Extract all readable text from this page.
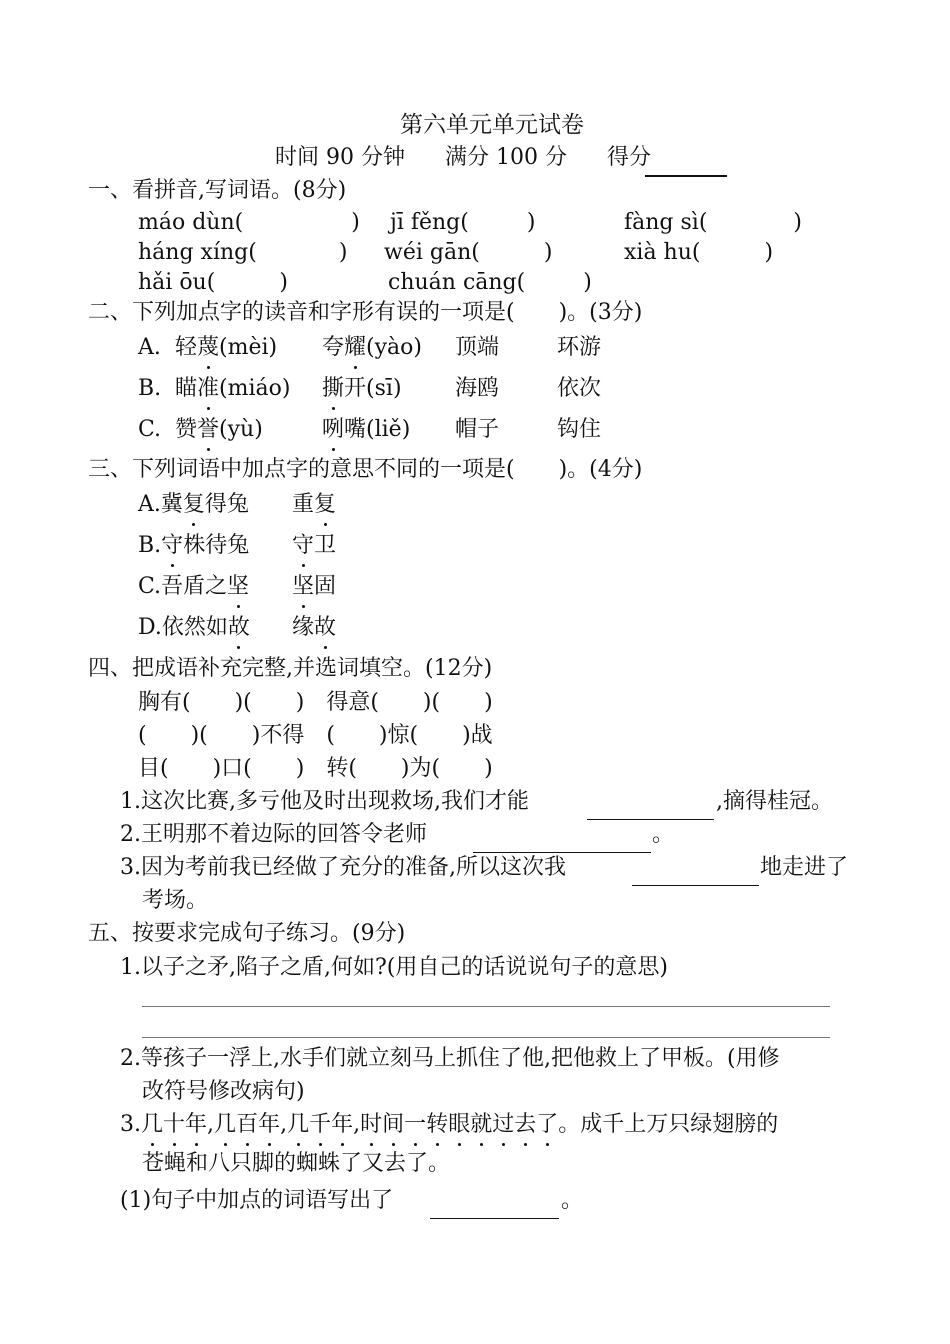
第六单元单元试卷
时间 90 分钟 满分 100 分 得分
一、看拼音,写词语。(8分)
máo dùn(	) jī fěng(	)	fàng sì(	)
háng xíng(	) wéi gān(	)	xià hu(	)
hǎi ōu(	)	chuán cāng(	)
二、下列加点字的读音和字形有误的一项是(　　)。(3分)
A. 轻蔑(mèi) 夸耀(yào) 顶端	环游
B. 瞄准(miáo) 撕开(sī) 海鸥	依次
C. 赞誉(yù)	咧嘴(liě) 帽子	钩住
三、下列词语中加点字的意思不同的一项是(　　)。(4分)
A.冀复得兔 重复
B.守株待兔 守卫
C.吾盾之坚 坚固
D.依然如故 缘故
四、把成语补充完整,并选词填空。(12分)
胸有(　　)(　　)　得意(　　)(　　)
(　　)(　　)不得　(　　)惊(　　)战
目(　　)口(　　)　转(　　)为(　　)
1.这次比赛,多亏他及时出现救场,我们才能	,摘得桂冠。
2.王明那不着边际的回答令老师	。
3.因为考前我已经做了充分的准备,所以这次我	地走进了
考场。
五、按要求完成句子练习。(9分)
1.以子之矛,陷子之盾,何如?(用自己的话说说句子的意思)
2.等孩子一浮上,水手们就立刻马上抓住了他,把他救上了甲板。(用修
改符号修改病句)
3.几十年,几百年,几千年,时间一转眼就过去了。成千上万只绿翅膀的
苍蝇和八只脚的蜘蛛了又去了。
(1)句子中加点的词语写出了	。
